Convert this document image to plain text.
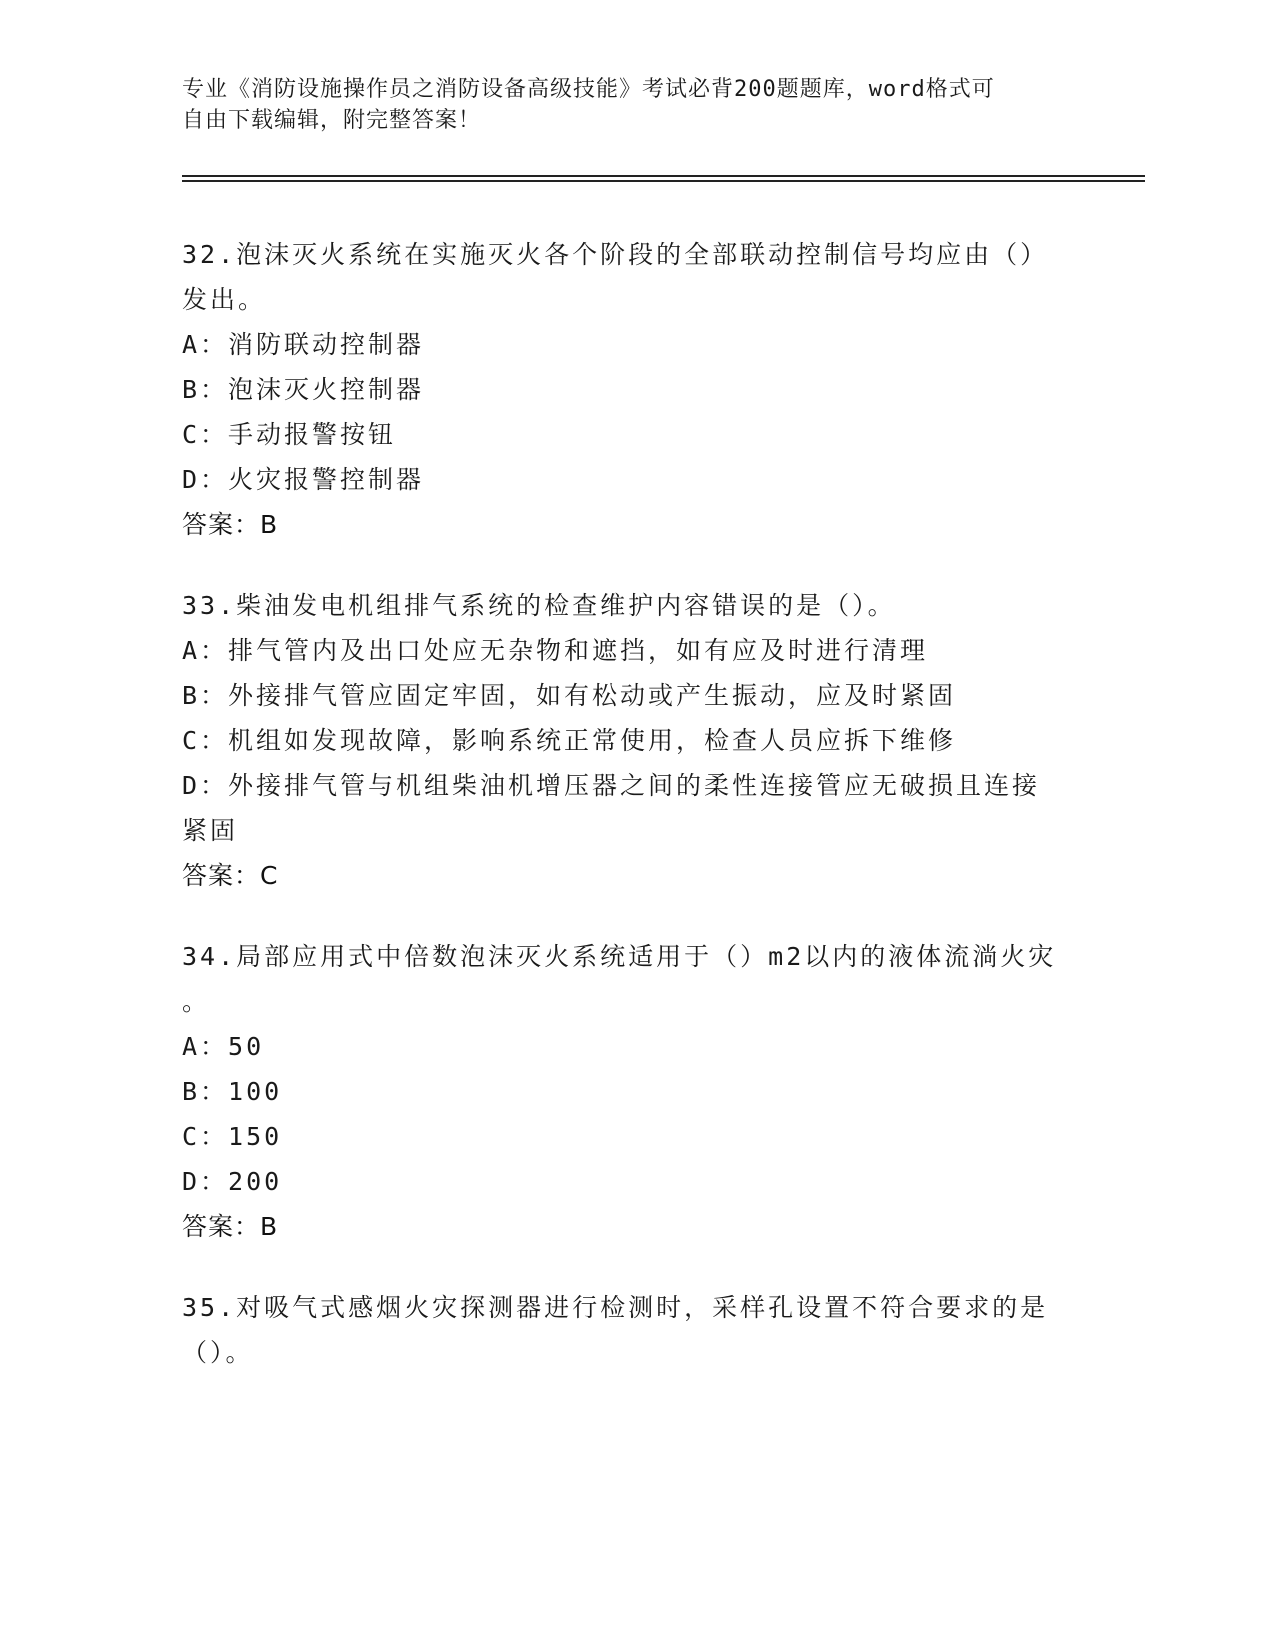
专业《消防设施操作员之消防设备高级技能》考试必背200题题库，word格式可
自由下载编辑，附完整答案！
32.泡沫灭火系统在实施灭火各个阶段的全部联动控制信号均应由（）
发出。
A：消防联动控制器
B：泡沫灭火控制器
C：手动报警按钮
D：火灾报警控制器
答案：B
33.柴油发电机组排气系统的检查维护内容错误的是（）。
A：排气管内及出口处应无杂物和遮挡，如有应及时进行清理
B：外接排气管应固定牢固，如有松动或产生振动，应及时紧固
C：机组如发现故障，影响系统正常使用，检查人员应拆下维修
D：外接排气管与机组柴油机增压器之间的柔性连接管应无破损且连接
紧固
答案：C
34.局部应用式中倍数泡沫灭火系统适用于（）m2以内的液体流淌火灾
。
A：50
B：100
C：150
D：200
答案：B
35.对吸气式感烟火灾探测器进行检测时，采样孔设置不符合要求的是
（）。
